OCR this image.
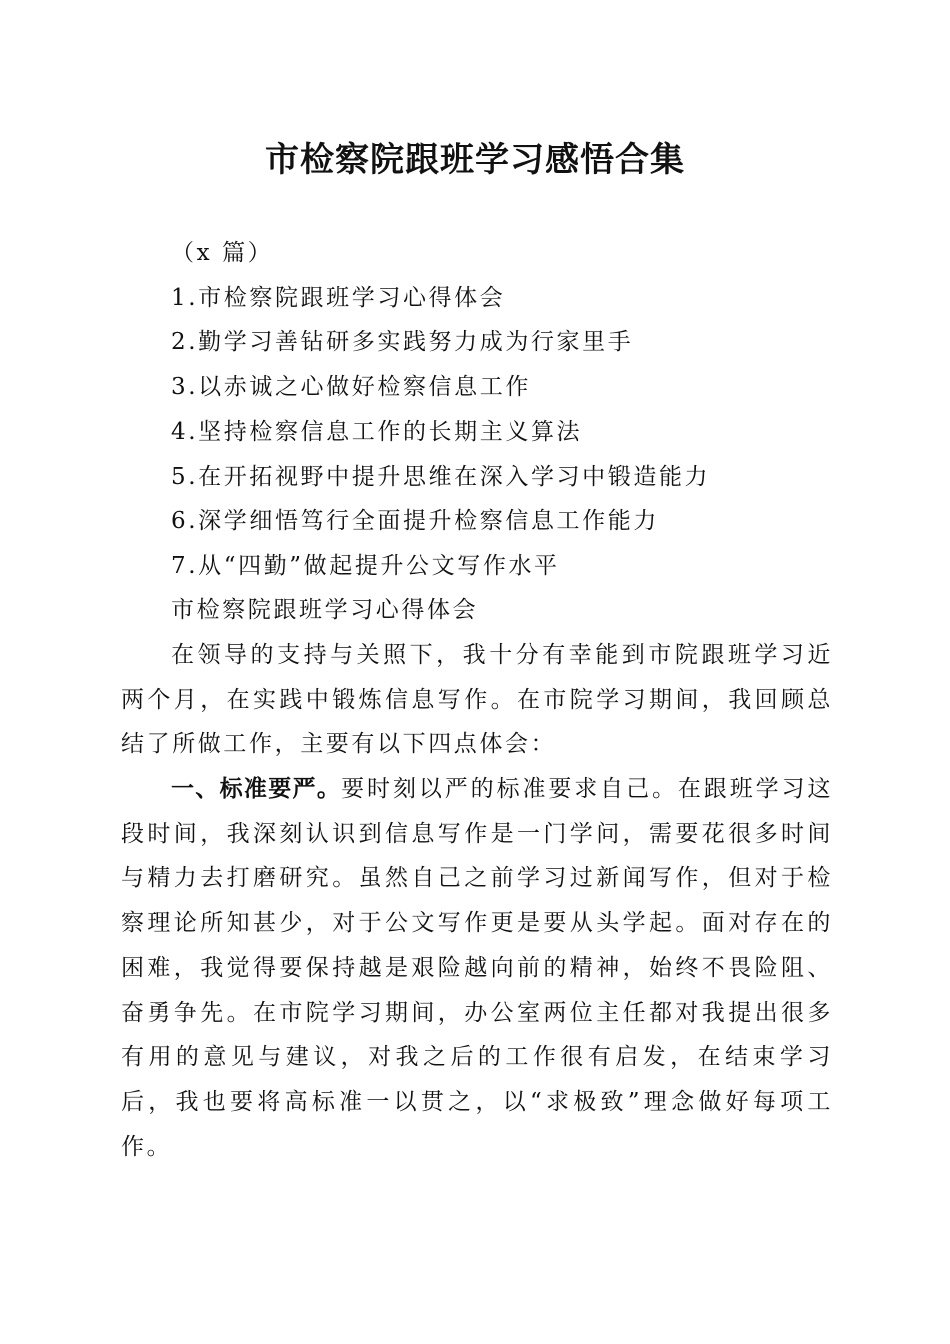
市检察院跟班学习感悟合集
（x 篇）
1.市检察院跟班学习心得体会
2.勤学习善钻研多实践努力成为行家里手
3.以赤诚之心做好检察信息工作
4.坚持检察信息工作的长期主义算法
5.在开拓视野中提升思维在深入学习中锻造能力
6.深学细悟笃行全面提升检察信息工作能力
7.从“四勤”做起提升公文写作水平
市检察院跟班学习心得体会
在领导的支持与关照下，我十分有幸能到市院跟班学习近两个月，在实践中锻炼信息写作。在市院学习期间，我回顾总结了所做工作，主要有以下四点体会：
一、标准要严。要时刻以严的标准要求自己。在跟班学习这段时间，我深刻认识到信息写作是一门学问，需要花很多时间与精力去打磨研究。虽然自己之前学习过新闻写作，但对于检察理论所知甚少，对于公文写作更是要从头学起。面对存在的困难，我觉得要保持越是艰险越向前的精神，始终不畏险阻、奋勇争先。在市院学习期间，办公室两位主任都对我提出很多有用的意见与建议，对我之后的工作很有启发，在结束学习后，我也要将高标准一以贯之，以“求极致”理念做好每项工作。
